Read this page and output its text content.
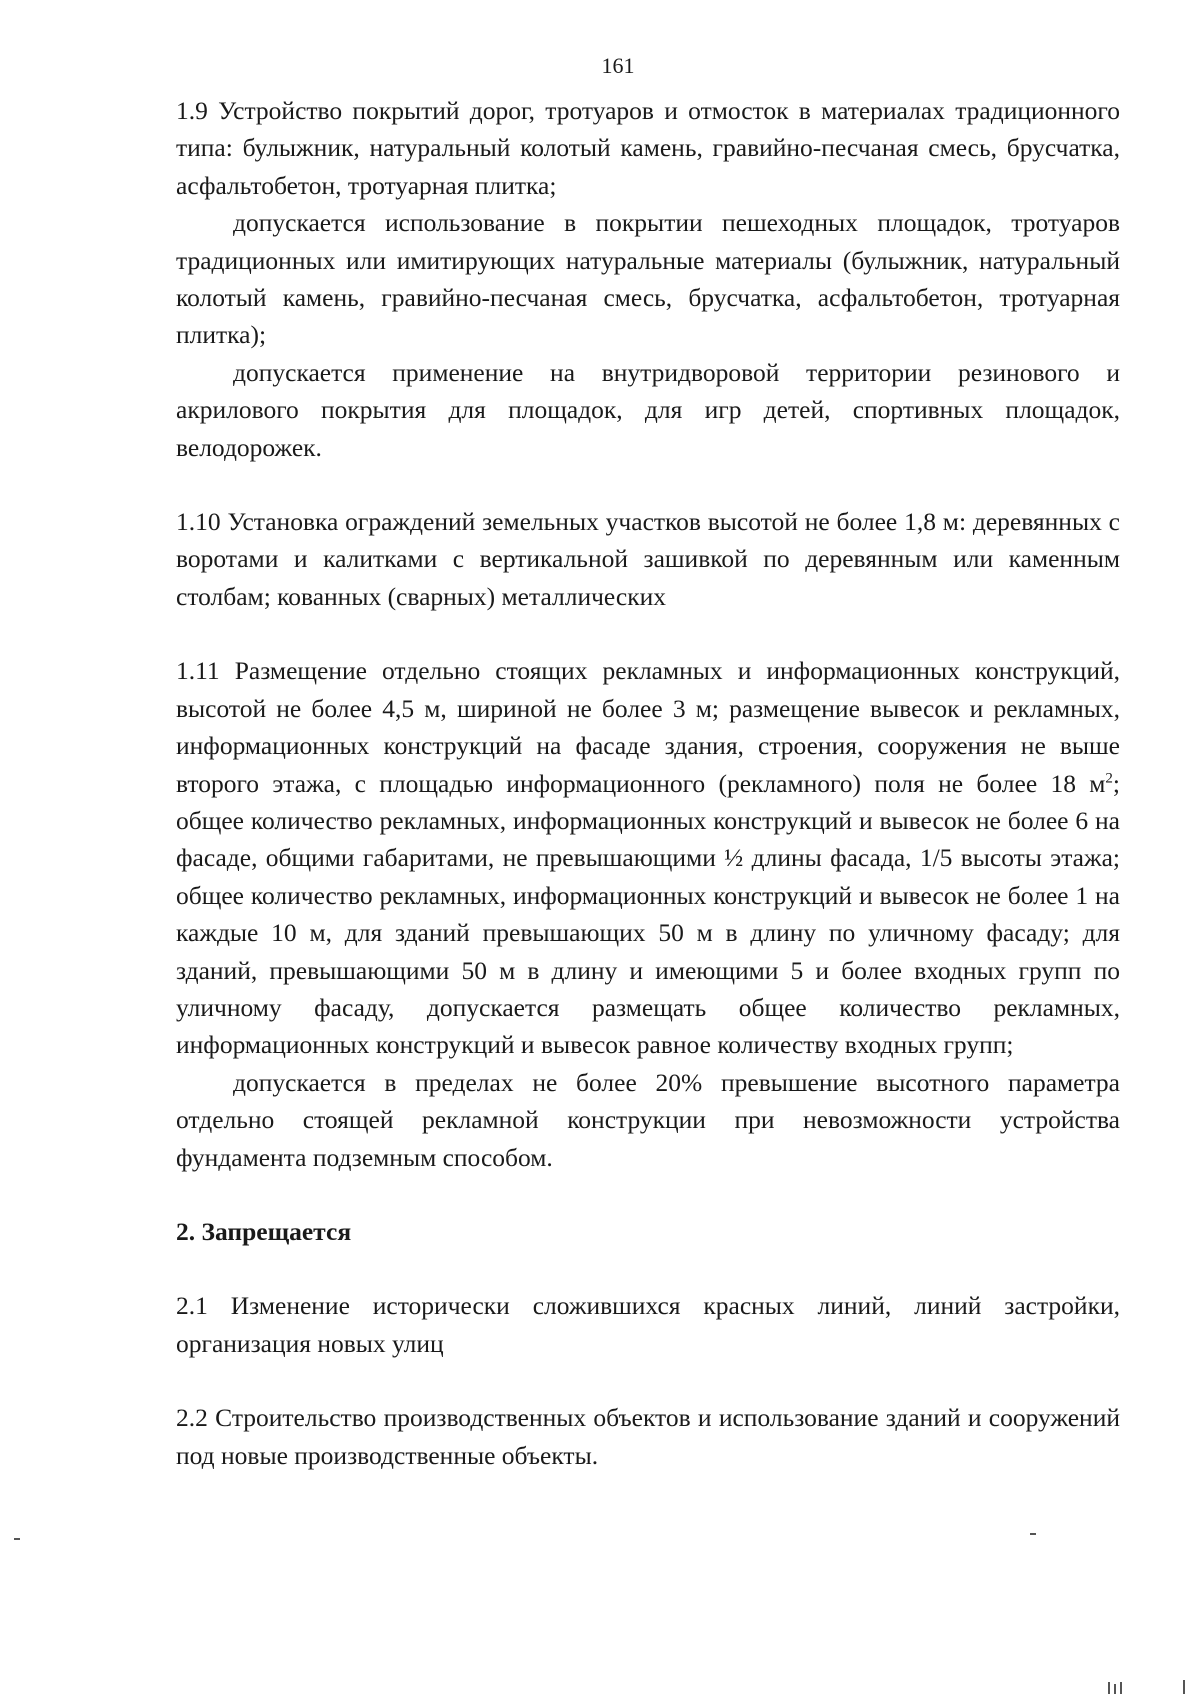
161

1.9 Устройство покрытий дорог, тротуаров и отмосток в материалах традиционного типа: булыжник, натуральный колотый камень, гравийно-песчаная смесь, брусчатка, асфальтобетон, тротуарная плитка;

допускается использование в покрытии пешеходных площадок, тротуаров традиционных или имитирующих натуральные материалы (булыжник, натуральный колотый камень, гравийно-песчаная смесь, брусчатка, асфальтобетон, тротуарная плитка);

допускается применение на внутридворовой территории резинового и акрилового покрытия для площадок, для игр детей, спортивных площадок, велодорожек.

1.10 Установка ограждений земельных участков высотой не более 1,8 м: деревянных с воротами и калитками с вертикальной зашивкой по деревянным или каменным столбам; кованных (сварных) металлических

1.11 Размещение отдельно стоящих рекламных и информационных конструкций, высотой не более 4,5 м, шириной не более 3 м; размещение вывесок и рекламных, информационных конструкций на фасаде здания, строения, сооружения не выше второго этажа, с площадью информационного (рекламного) поля не более 18 $м^2$; общее количество рекламных, информационных конструкций и вывесок не более 6 на фасаде, общими габаритами, не превышающими ½ длины фасада, 1/5 высоты этажа; общее количество рекламных, информационных конструкций и вывесок не более 1 на каждые 10 м, для зданий превышающих 50 м в длину по уличному фасаду; для зданий, превышающими 50 м в длину и имеющими 5 и более входных групп по уличному фасаду, допускается размещать общее количество рекламных, информационных конструкций и вывесок равное количеству входных групп;

допускается в пределах не более 20% превышение высотного параметра отдельно стоящей рекламной конструкции при невозможности устройства фундамента подземным способом.

2. Запрещается

2.1 Изменение исторически сложившихся красных линий, линий застройки, организация новых улиц

2.2 Строительство производственных объектов и использование зданий и сооружений под новые производственные объекты.
